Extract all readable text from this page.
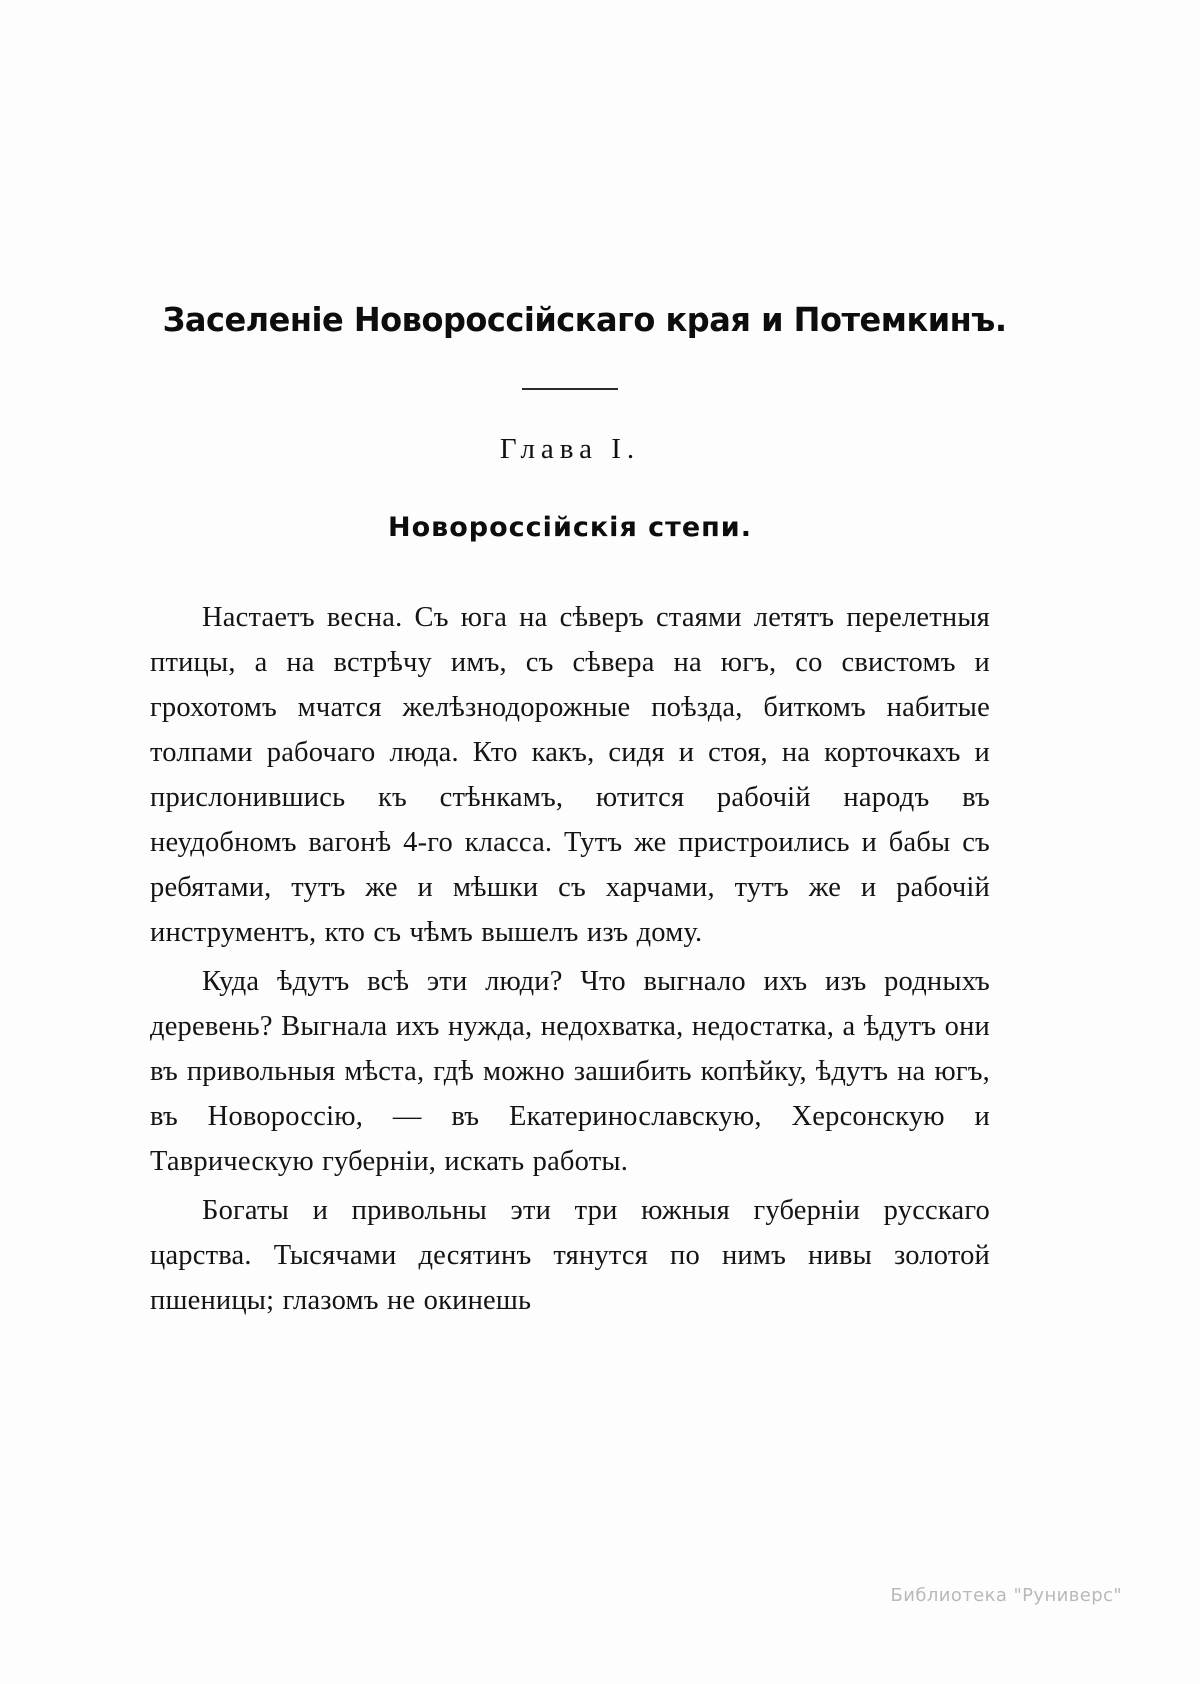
Заселеніе Новороссійскаго края и Потемкинъ.
Глава I.
Новороссійскія степи.

Настаетъ весна. Съ юга на сѣверъ стаями летятъ перелетныя птицы, а на встрѣчу имъ, съ сѣвера на югъ, со свистомъ и грохотомъ мчатся желѣзнодорожные поѣзда, биткомъ набитые толпами рабочаго люда. Кто какъ, сидя и стоя, на корточкахъ и прислонившись къ стѣнкамъ, ютится рабочій народъ въ неудобномъ вагонѣ 4-го класса. Тутъ же пристроились и бабы съ ребятами, тутъ же и мѣшки съ харчами, тутъ же и рабочій инструментъ, кто съ чѣмъ вышелъ изъ дому.

Куда ѣдутъ всѣ эти люди? Что выгнало ихъ изъ родныхъ деревень? Выгнала ихъ нужда, недохватка, недостатка, а ѣдутъ они въ привольныя мѣста, гдѣ можно зашибить копѣйку, ѣдутъ на югъ, въ Новороссію, — въ Екатеринославскую, Херсонскую и Таврическую губерніи, искать работы.

Богаты и привольны эти три южныя губерніи русскаго царства. Тысячами десятинъ тянутся по нимъ нивы золотой пшеницы; глазомъ не окинешь

Библиотека "Руниверс"
